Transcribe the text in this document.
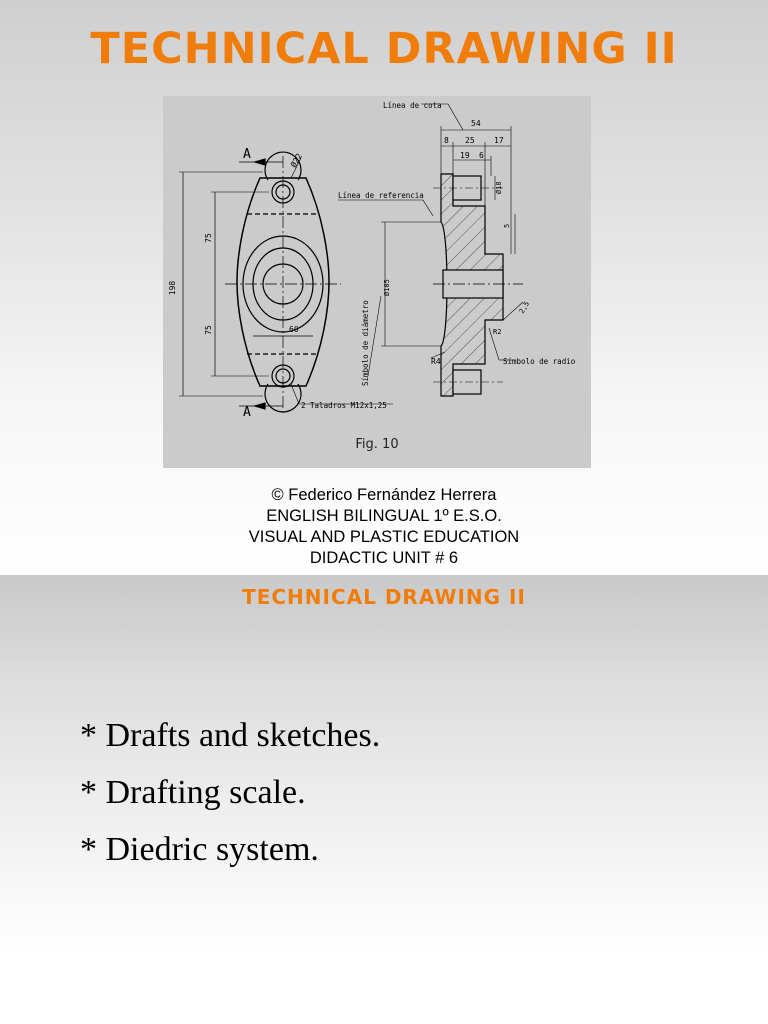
TECHNICAL DRAWING II
A
A
198
75
75	60
Ø22
2 Taladros M12x1,25
Línea de cota
Línea de referencia
Símbolo de diámetro	Símbolo de radio
54
8 25 17
19 6
Ø18
Ø105
5
R4
R2
2,5
Fig. 10
© Federico Fernández Herrera
ENGLISH BILINGUAL 1º E.S.O.
VISUAL AND PLASTIC EDUCATION
DIDACTIC UNIT # 6
TECHNICAL DRAWING II
* Drafts and sketches.
* Drafting scale.
* Diedric system.
